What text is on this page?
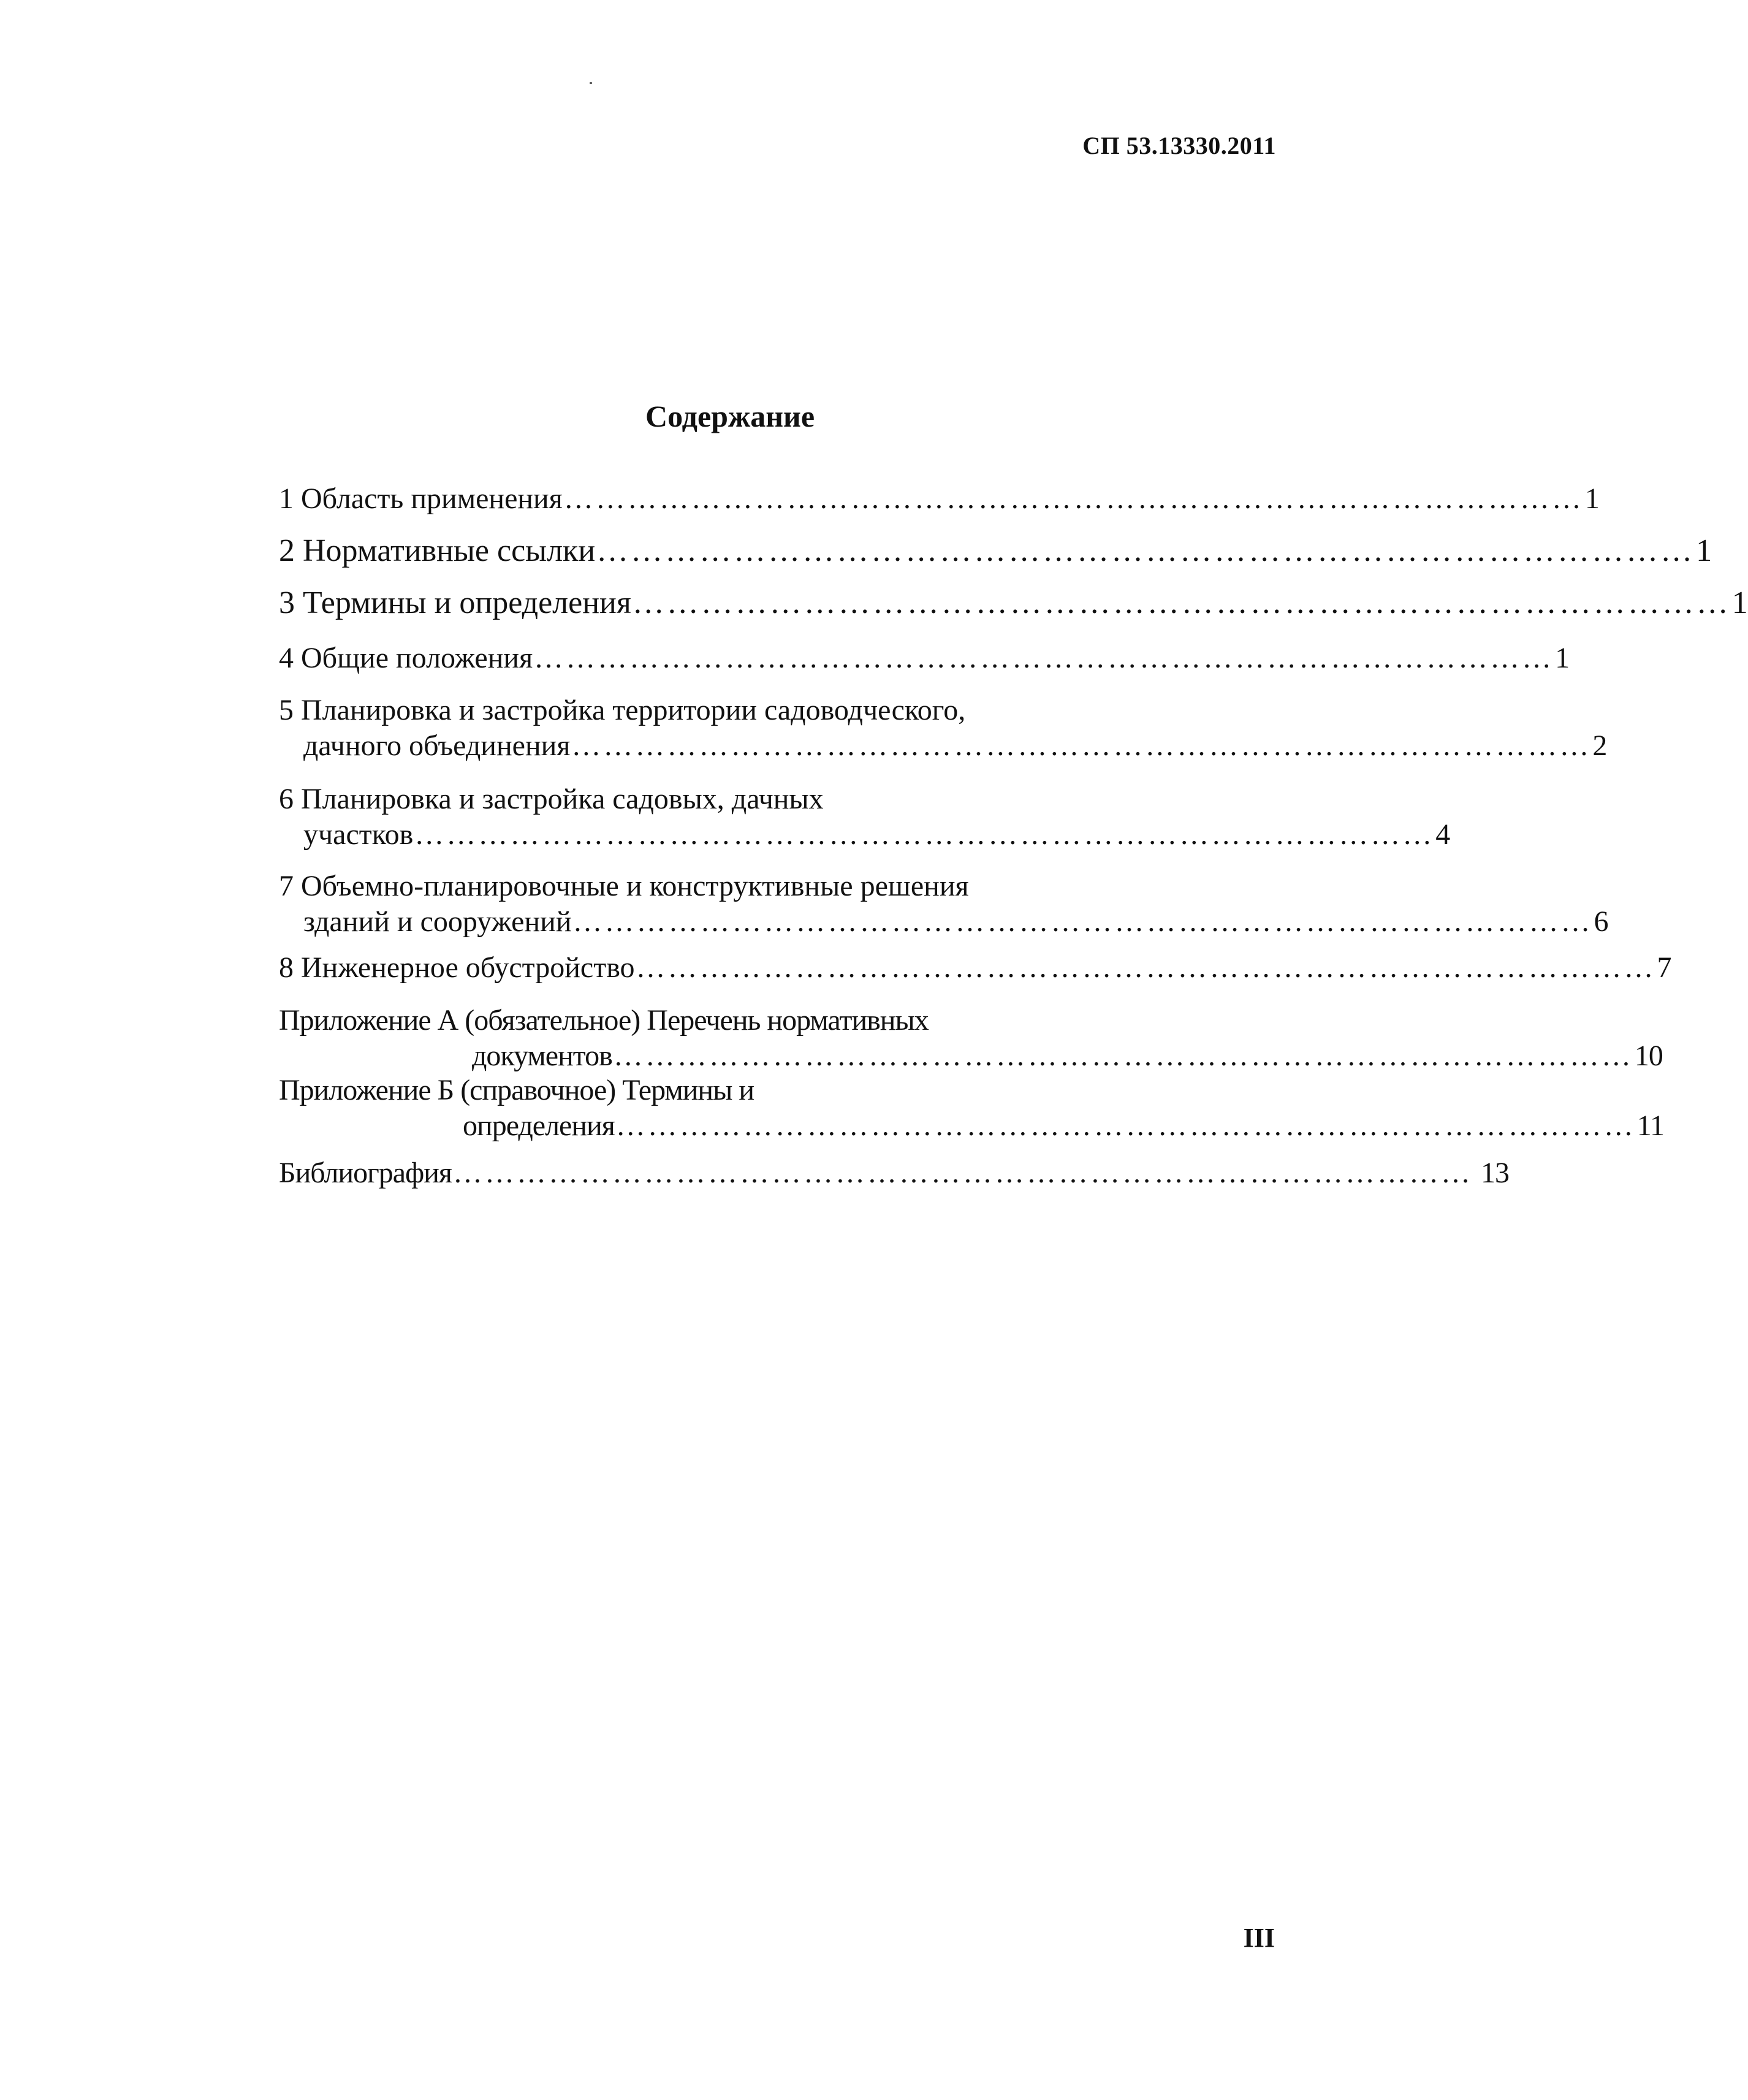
СП 53.13330.2011
Содержание
1 Область применения …………………………………………………………………………………… 1
2 Нормативные ссылки …………………………………………………………………………………… 1
3 Термины и определения …………………………………………………………………………………… 1
4 Общие положения …………………………………………………………………………………… 1
5 Планировка и застройка территории садоводческого,
дачного объединения …………………………………………………………………………………… 2
6 Планировка и застройка садовых, дачных
участков …………………………………………………………………………………… 4
7 Объемно-планировочные и конструктивные решения
зданий и сооружений …………………………………………………………………………………… 6
8 Инженерное обустройство …………………………………………………………………………………… 7
Приложение А (обязательное) Перечень нормативных
документов …………………………………………………………………………………… 10
Приложение Б (справочное) Термины и
определения …………………………………………………………………………………… 11
Библиография …………………………………………………………………………………… 13
III
